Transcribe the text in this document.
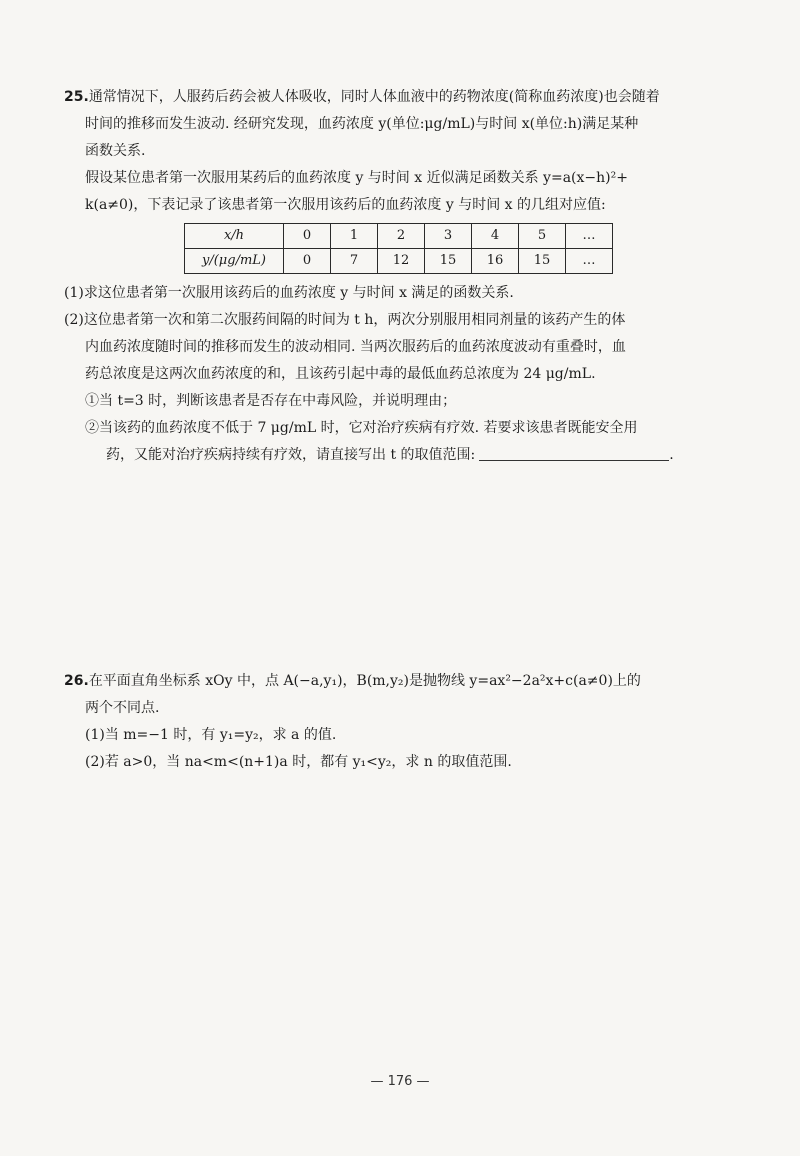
25.通常情况下，人服药后药会被人体吸收，同时人体血液中的药物浓度(简称血药浓度)也会随着
时间的推移而发生波动. 经研究发现，血药浓度 y(单位:μg/mL)与时间 x(单位:h)满足某种
函数关系.
假设某位患者第一次服用某药后的血药浓度 y 与时间 x 近似满足函数关系 y=a(x−h)²+
k(a≠0)，下表记录了该患者第一次服用该药后的血药浓度 y 与时间 x 的几组对应值:
x/h	0	1	2	3	4	5	…
y/(μg/mL)	0	7	12	15	16	15	…
(1)求这位患者第一次服用该药后的血药浓度 y 与时间 x 满足的函数关系.
(2)这位患者第一次和第二次服药间隔的时间为 t h，两次分别服用相同剂量的该药产生的体
内血药浓度随时间的推移而发生的波动相同. 当两次服药后的血药浓度波动有重叠时，血
药总浓度是这两次血药浓度的和，且该药引起中毒的最低血药总浓度为 24 μg/mL.
①当 t=3 时，判断该患者是否存在中毒风险，并说明理由；
②当该药的血药浓度不低于 7 μg/mL 时，它对治疗疾病有疗效. 若要求该患者既能安全用
药，又能对治疗疾病持续有疗效，请直接写出 t 的取值范围:	.
26.在平面直角坐标系 xOy 中，点 A(−a,y₁)，B(m,y₂)是抛物线 y=ax²−2a²x+c(a≠0)上的
两个不同点.
(1)当 m=−1 时，有 y₁=y₂，求 a 的值.
(2)若 a>0，当 na<m<(n+1)a 时，都有 y₁<y₂，求 n 的取值范围.
— 176 —
